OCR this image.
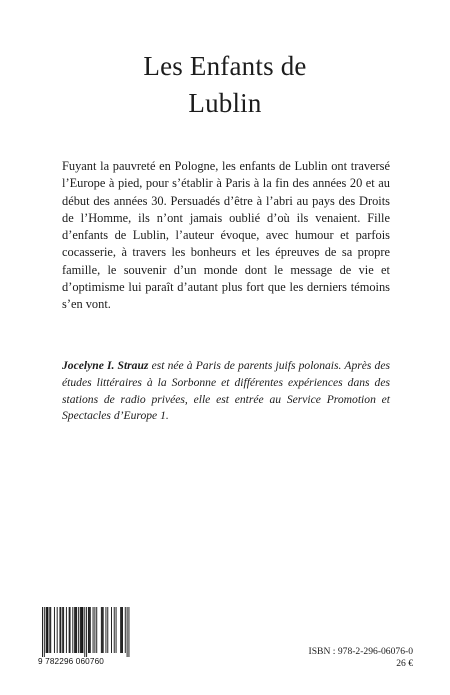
Les Enfants de
Lublin

Fuyant la pauvreté en Pologne, les enfants de Lublin ont traversé l’Europe à pied, pour s’établir à Paris à la fin des années 20 et au début des années 30. Persuadés d’être à l’abri au pays des Droits de l’Homme, ils n’ont jamais oublié d’où ils venaient. Fille d’enfants de Lublin, l’auteur évoque, avec humour et parfois cocasserie, à travers les bonheurs et les épreuves de sa propre famille, le souvenir d’un monde dont le message de vie et d’optimisme lui paraît d’autant plus fort que les derniers témoins s’en vont.

Jocelyne I. Strauz est née à Paris de parents juifs polonais. Après des études littéraires à la Sorbonne et différentes expériences dans des stations de radio privées, elle est entrée au Service Promotion et Spectacles d’Europe 1.

9 782296 060760

ISBN : 978-2-296-06076-0

26 €
